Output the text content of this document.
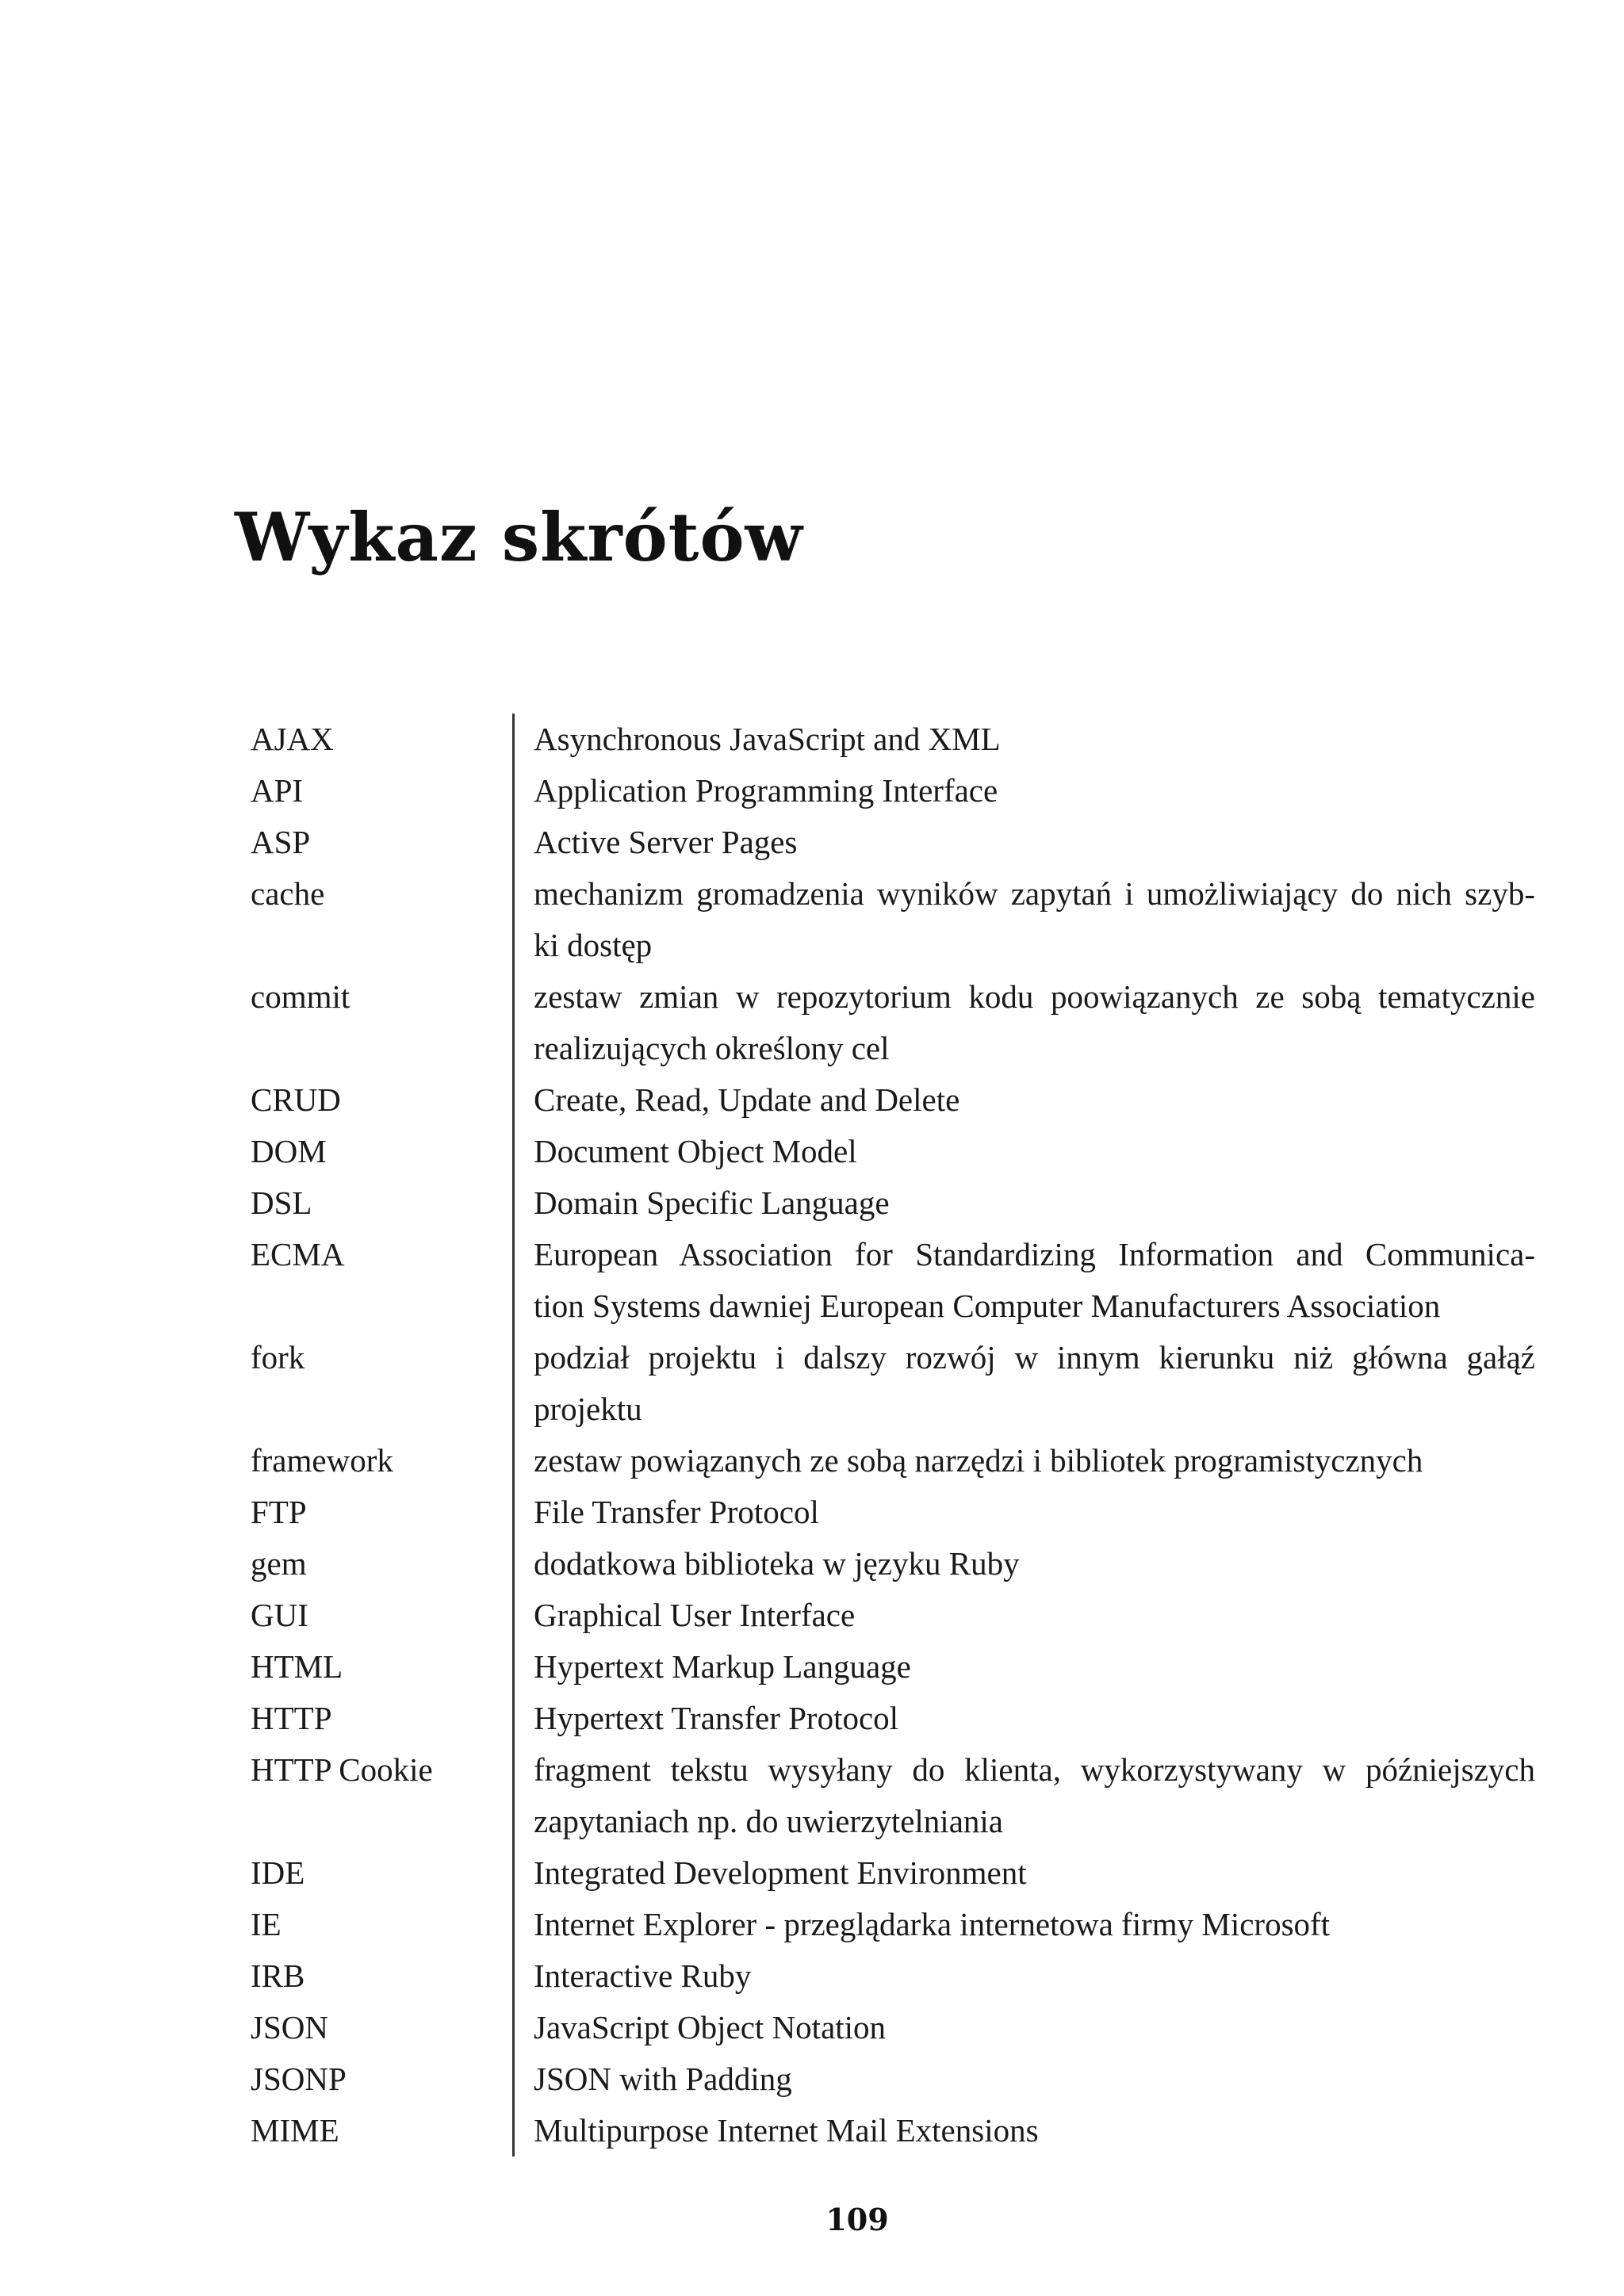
Wykaz skrótów
AJAX	Asynchronous JavaScript and XML
API	Application Programming Interface
ASP	Active Server Pages
cache	mechanizm gromadzenia wyników zapytań i umożliwiający do nich szyb-
ki dostęp
commit	zestaw zmian w repozytorium kodu poowiązanych ze sobą tematycznie
realizujących określony cel
CRUD	Create, Read, Update and Delete
DOM	Document Object Model
DSL	Domain Specific Language
ECMA	European Association for Standardizing Information and Communica-
tion Systems dawniej European Computer Manufacturers Association
fork	podział projektu i dalszy rozwój w innym kierunku niż główna gałąź
projektu
framework	zestaw powiązanych ze sobą narzędzi i bibliotek programistycznych
FTP	File Transfer Protocol
gem	dodatkowa biblioteka w języku Ruby
GUI	Graphical User Interface
HTML	Hypertext Markup Language
HTTP	Hypertext Transfer Protocol
HTTP Cookie	fragment tekstu wysyłany do klienta, wykorzystywany w późniejszych
zapytaniach np. do uwierzytelniania
IDE	Integrated Development Environment
IE	Internet Explorer - przeglądarka internetowa firmy Microsoft
IRB	Interactive Ruby
JSON	JavaScript Object Notation
JSONP	JSON with Padding
MIME	Multipurpose Internet Mail Extensions
109
